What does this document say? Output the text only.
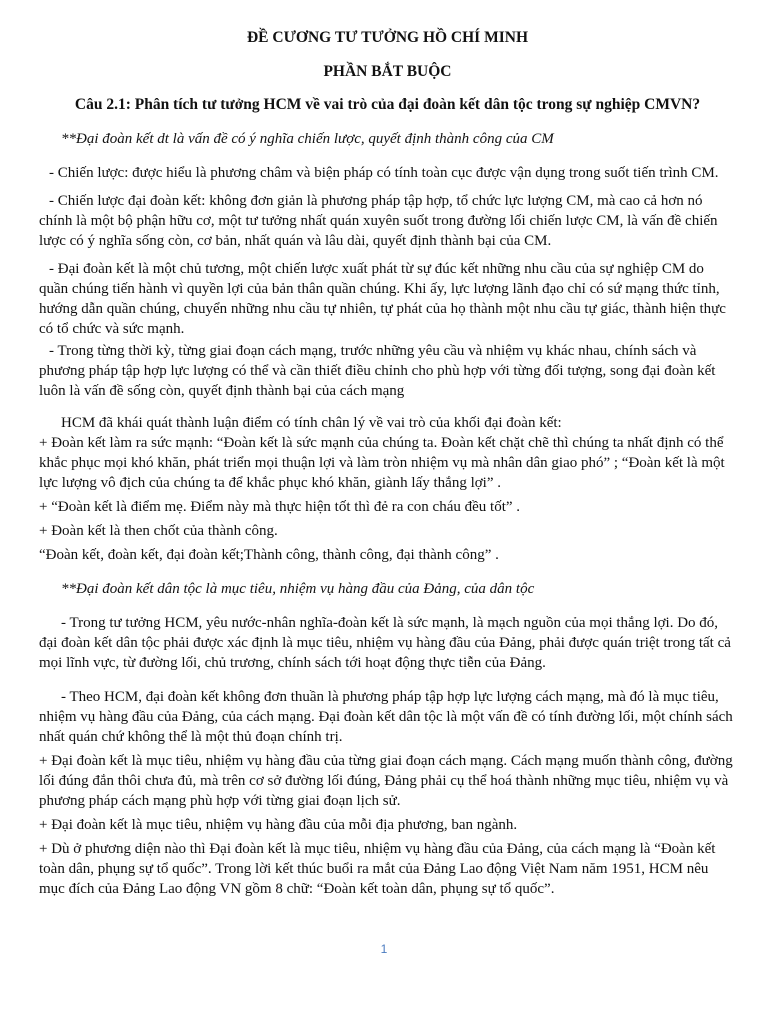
ĐỀ CƯƠNG TƯ TƯỞNG HỒ CHÍ MINH

PHẦN BẮT BUỘC

Câu 2.1: Phân tích tư tưởng HCM về vai trò của đại đoàn kết dân tộc trong sự nghiệp CMVN?

**Đại đoàn kết dt là vấn đề có ý nghĩa chiến lược, quyết định thành công của CM

- Chiến lược: được hiểu là phương châm và biện pháp có tính toàn cục được vận dụng trong suốt tiến trình CM.

- Chiến lược đại đoàn kết: không đơn giản là phương pháp tập hợp, tổ chức lực lượng CM, mà cao cả hơn nó chính là một bộ phận hữu cơ, một tư tưởng nhất quán xuyên suốt trong đường lối chiến lược CM, là vấn đề chiến lược có ý nghĩa sống còn, cơ bản, nhất quán và lâu dài, quyết định thành bại của CM.

- Đại đoàn kết là một chủ tương, một chiến lược xuất phát từ sự đúc kết những nhu cầu của sự nghiệp CM do quần chúng tiến hành vì quyền lợi của bản thân quần chúng. Khi ấy, lực lượng lãnh đạo chỉ có sứ mạng thức tỉnh, hướng dẫn quần chúng, chuyển những nhu cầu tự nhiên, tự phát của họ thành một nhu cầu tự giác, thành hiện thực có tổ chức và sức mạnh.

- Trong từng thời kỳ, từng giai đoạn cách mạng, trước những yêu cầu và nhiệm vụ khác nhau, chính sách và phương pháp tập hợp lực lượng có thể và cần thiết điều chỉnh cho phù hợp với từng đối tượng, song đại đoàn kết luôn là vấn đề sống còn, quyết định thành bại của cách mạng

HCM đã khái quát thành luận điểm có tính chân lý về vai trò của khối đại đoàn kết:

+ Đoàn kết làm ra sức mạnh: “Đoàn kết là sức mạnh của chúng ta. Đoàn kết chặt chẽ thì chúng ta nhất định có thể khắc phục mọi khó khăn, phát triển mọi thuận lợi và làm tròn nhiệm vụ mà nhân dân giao phó” ; “Đoàn kết là một lực lượng vô địch của chúng ta để khắc phục khó khăn, giành lấy thắng lợi” .

+ “Đoàn kết là điểm mẹ. Điểm này mà thực hiện tốt thì đẻ ra con cháu đều tốt” .

+ Đoàn kết là then chốt của thành công.

“Đoàn kết, đoàn kết, đại đoàn kết;Thành công, thành công, đại thành công” .

**Đại đoàn kết dân tộc là mục tiêu, nhiệm vụ hàng đầu của Đảng, của dân tộc

- Trong tư tưởng HCM, yêu nước-nhân nghĩa-đoàn kết là sức mạnh, là mạch nguồn của mọi thắng lợi. Do đó, đại đoàn kết dân tộc phải được xác định là mục tiêu, nhiệm vụ hàng đầu của Đảng, phải được quán triệt trong tất cả mọi lĩnh vực, từ đường lối, chủ trương, chính sách tới hoạt động thực tiễn của Đảng.

- Theo HCM, đại đoàn kết không đơn thuần là phương pháp tập hợp lực lượng cách mạng, mà đó là mục tiêu, nhiệm vụ hàng đầu của Đảng, của cách mạng. Đại đoàn kết dân tộc là một vấn đề có tính đường lối, một chính sách nhất quán chứ không thể là một thủ đoạn chính trị.

+ Đại đoàn kết là mục tiêu, nhiệm vụ hàng đầu của từng giai đoạn cách mạng. Cách mạng muốn thành công, đường lối đúng đắn thôi chưa đủ, mà trên cơ sở đường lối đúng, Đảng phải cụ thể hoá thành những mục tiêu, nhiệm vụ và phương pháp cách mạng phù hợp với từng giai đoạn lịch sử.

+ Đại đoàn kết là mục tiêu, nhiệm vụ hàng đầu của mỗi địa phương, ban ngành.

+ Dù ở phương diện nào thì Đại đoàn kết là mục tiêu, nhiệm vụ hàng đầu của Đảng, của cách mạng là “Đoàn kết toàn dân, phụng sự tổ quốc”. Trong lời kết thúc buổi ra mắt của Đảng Lao động Việt Nam năm 1951, HCM nêu mục đích của Đảng Lao động VN gồm 8 chữ: “Đoàn kết toàn dân, phụng sự tổ quốc”.

1
